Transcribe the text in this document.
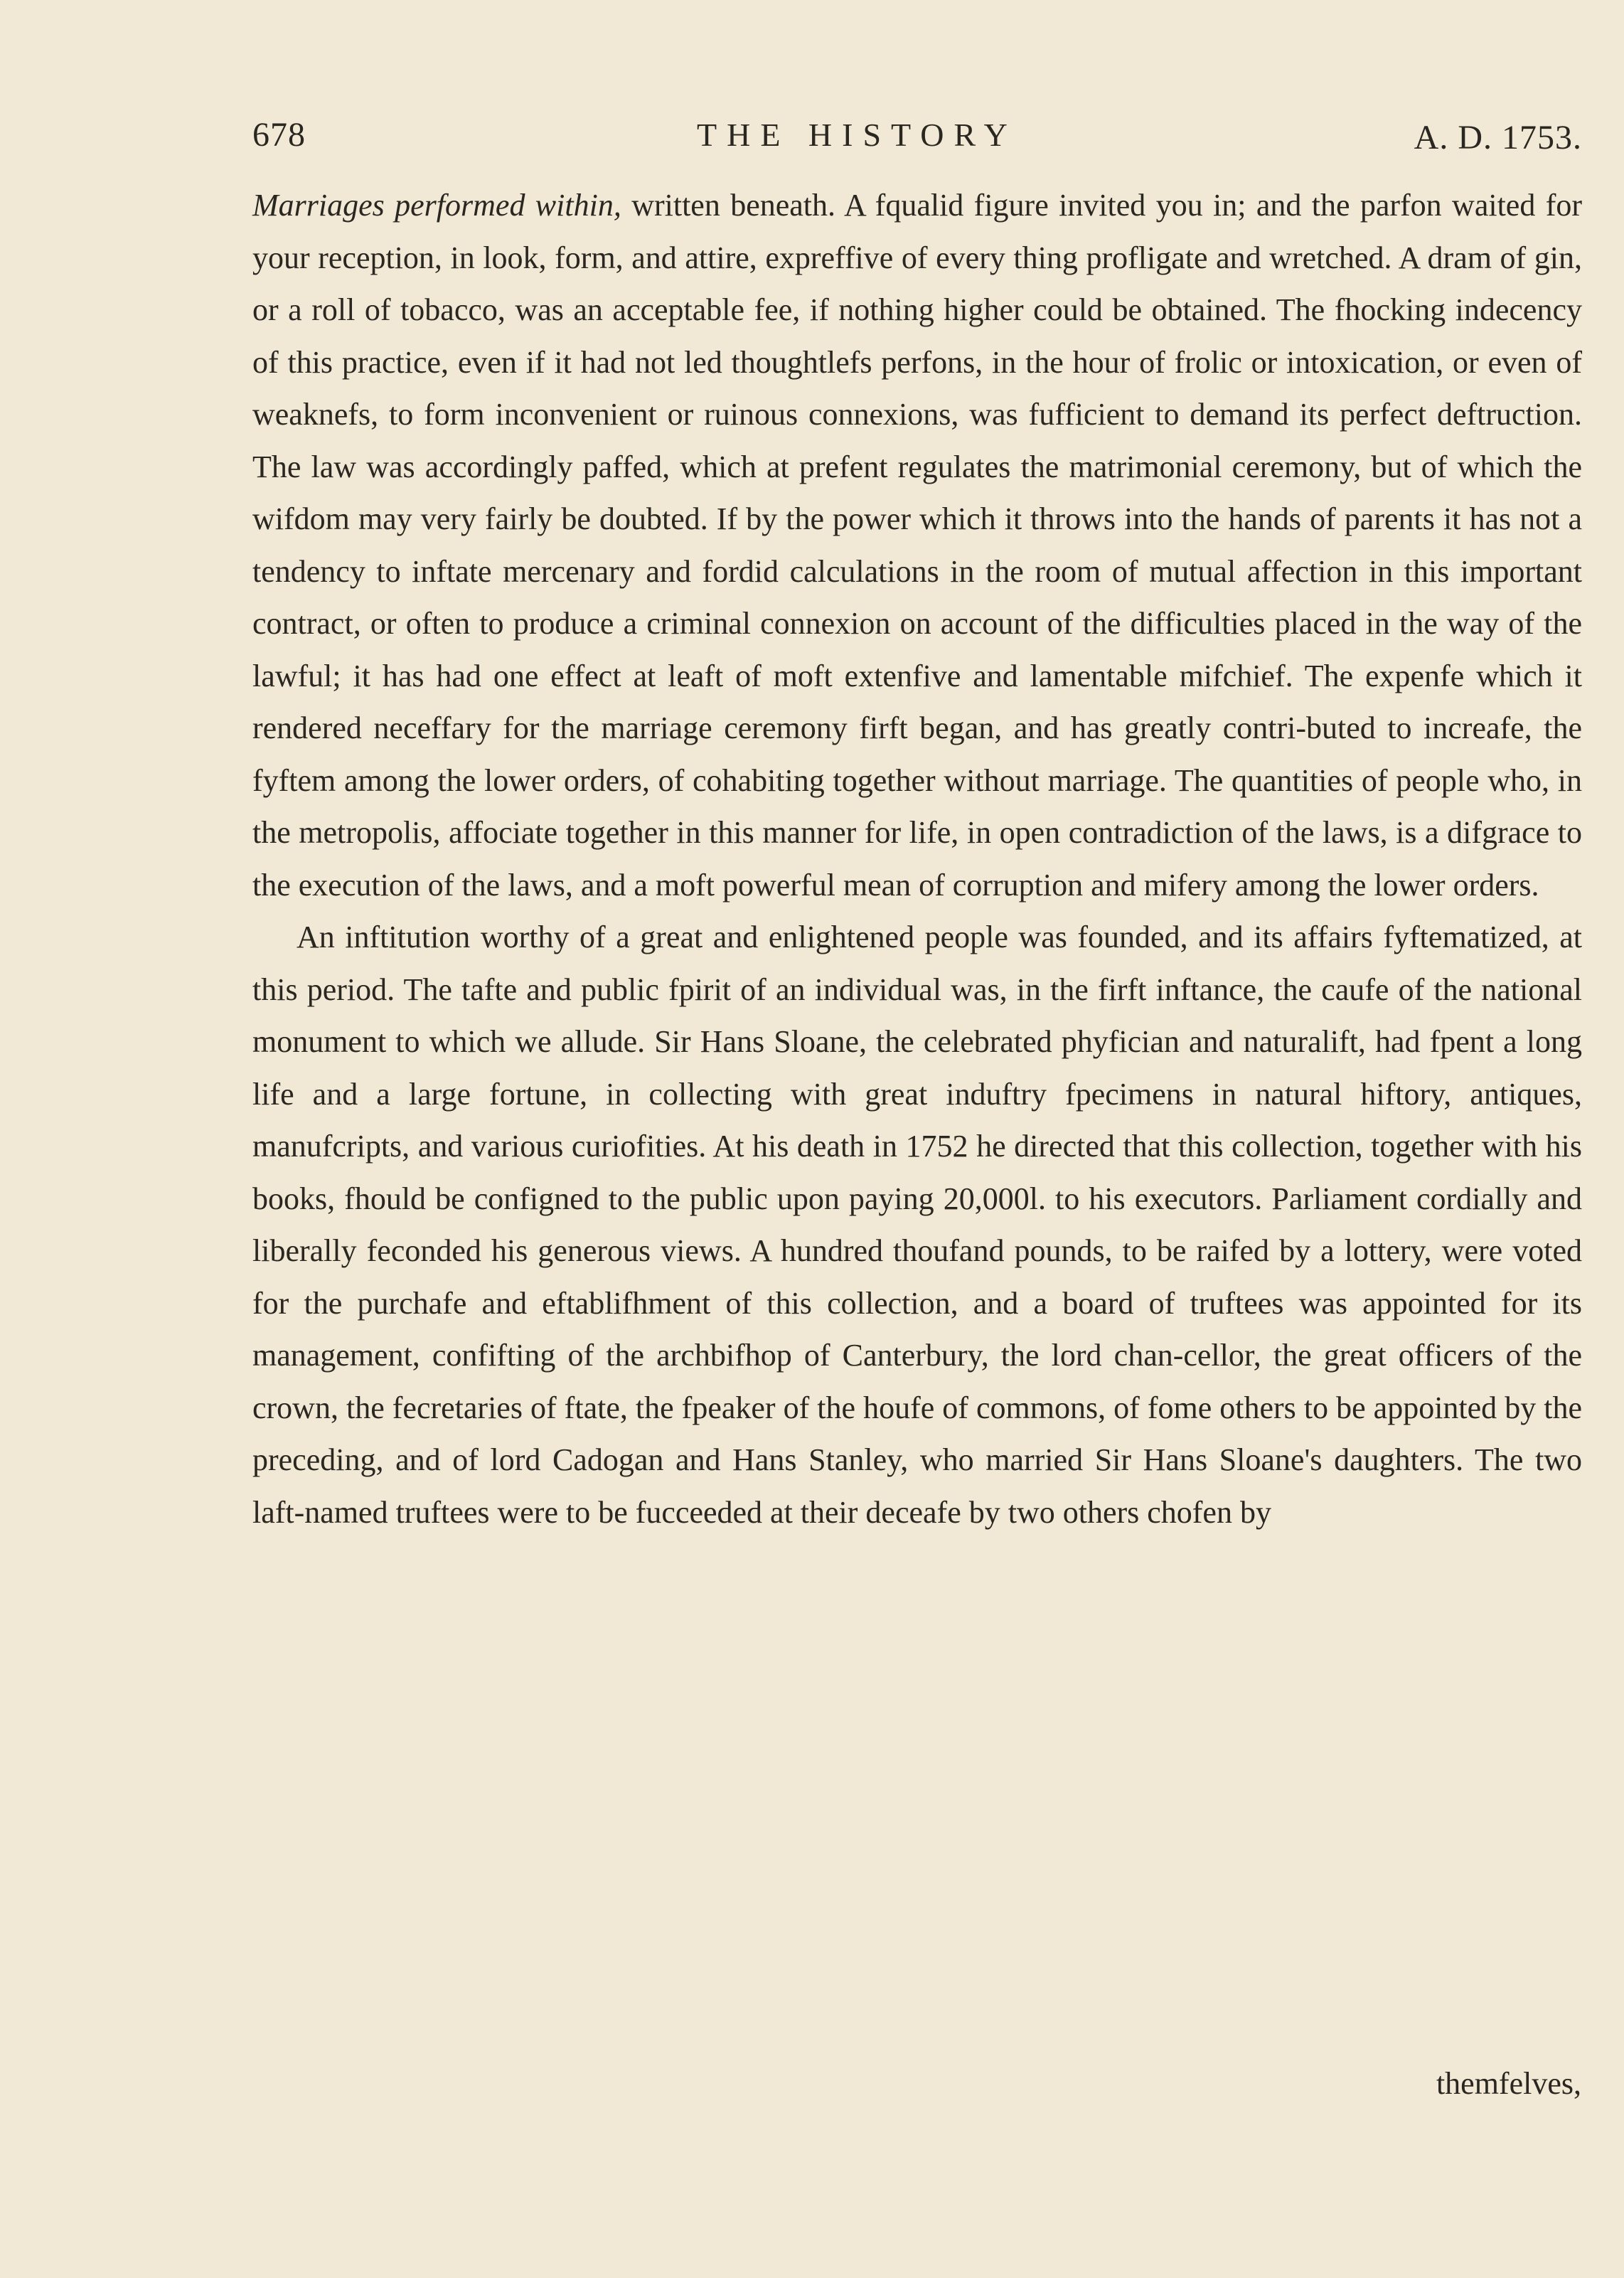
678	THE HISTORY	A. D. 1753.

Marriages performed within, written beneath. A fqualid figure invited you in; and the parfon waited for your reception, in look, form, and attire, expreffive of every thing profligate and wretched. A dram of gin, or a roll of tobacco, was an acceptable fee, if nothing higher could be obtained. The fhocking indecency of this practice, even if it had not led thoughtlefs perfons, in the hour of frolic or intoxication, or even of weaknefs, to form inconvenient or ruinous connexions, was fufficient to demand its perfect deftruction. The law was accordingly paffed, which at prefent regulates the matrimonial ceremony, but of which the wifdom may very fairly be doubted. If by the power which it throws into the hands of parents it has not a tendency to inftate mercenary and fordid calculations in the room of mutual affection in this important contract, or often to produce a criminal connexion on account of the difficulties placed in the way of the lawful; it has had one effect at leaft of moft extenfive and lamentable mifchief. The expenfe which it rendered neceffary for the marriage ceremony firft began, and has greatly contri-buted to increafe, the fyftem among the lower orders, of cohabiting together without marriage. The quantities of people who, in the metropolis, affociate together in this manner for life, in open contradiction of the laws, is a difgrace to the execution of the laws, and a moft powerful mean of corruption and mifery among the lower orders.

An inftitution worthy of a great and enlightened people was founded, and its affairs fyftematized, at this period. The tafte and public fpirit of an individual was, in the firft inftance, the caufe of the national monument to which we allude. Sir Hans Sloane, the celebrated phyfician and naturalift, had fpent a long life and a large fortune, in collecting with great induftry fpecimens in natural hiftory, antiques, manufcripts, and various curiofities. At his death in 1752 he directed that this collection, together with his books, fhould be configned to the public upon paying 20,000l. to his executors. Parliament cordially and liberally feconded his generous views. A hundred thoufand pounds, to be raifed by a lottery, were voted for the purchafe and eftablifhment of this collection, and a board of truftees was appointed for its management, confifting of the archbifhop of Canterbury, the lord chan-cellor, the great officers of the crown, the fecretaries of ftate, the fpeaker of the houfe of commons, of fome others to be appointed by the preceding, and of lord Cadogan and Hans Stanley, who married Sir Hans Sloane's daughters. The two laft-named truftees were to be fucceeded at their deceafe by two others chofen by

themfelves,
